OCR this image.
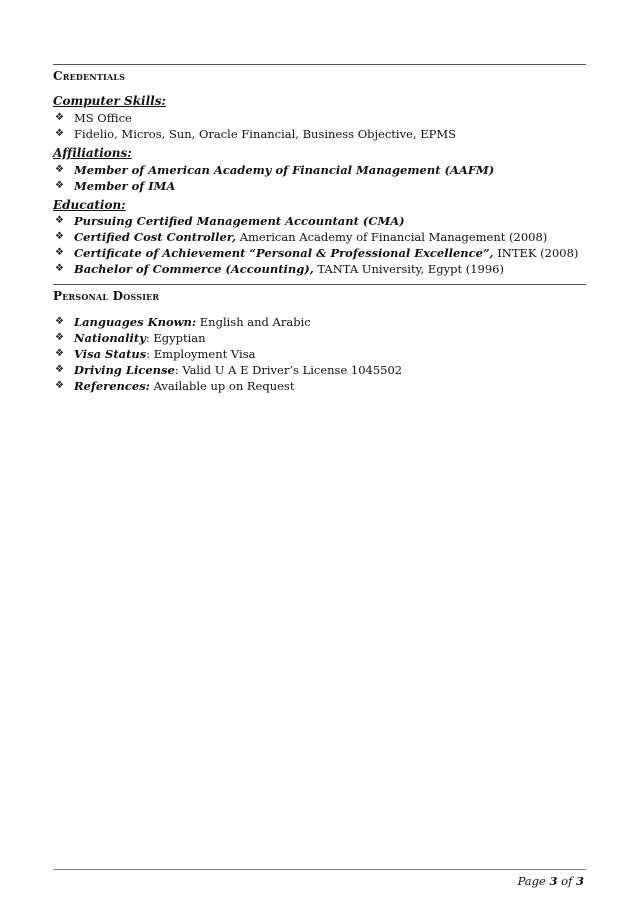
Credentials
Computer Skills:
❖ MS Office
❖ Fidelio, Micros, Sun, Oracle Financial, Business Objective, EPMS
Affiliations:
❖ Member of American Academy of Financial Management (AAFM)
❖ Member of IMA
Education:
❖ Pursuing Certified Management Accountant (CMA)
❖ Certified Cost Controller, American Academy of Financial Management (2008)
❖ Certificate of Achievement “Personal & Professional Excellence”, INTEK (2008)
❖ Bachelor of Commerce (Accounting), TANTA University, Egypt (1996)
Personal Dossier
❖ Languages Known: English and Arabic
❖ Nationality: Egyptian
❖ Visa Status: Employment Visa
❖ Driving License: Valid U A E Driver’s License 1045502
❖ References: Available up on Request
Page 3 of 3
